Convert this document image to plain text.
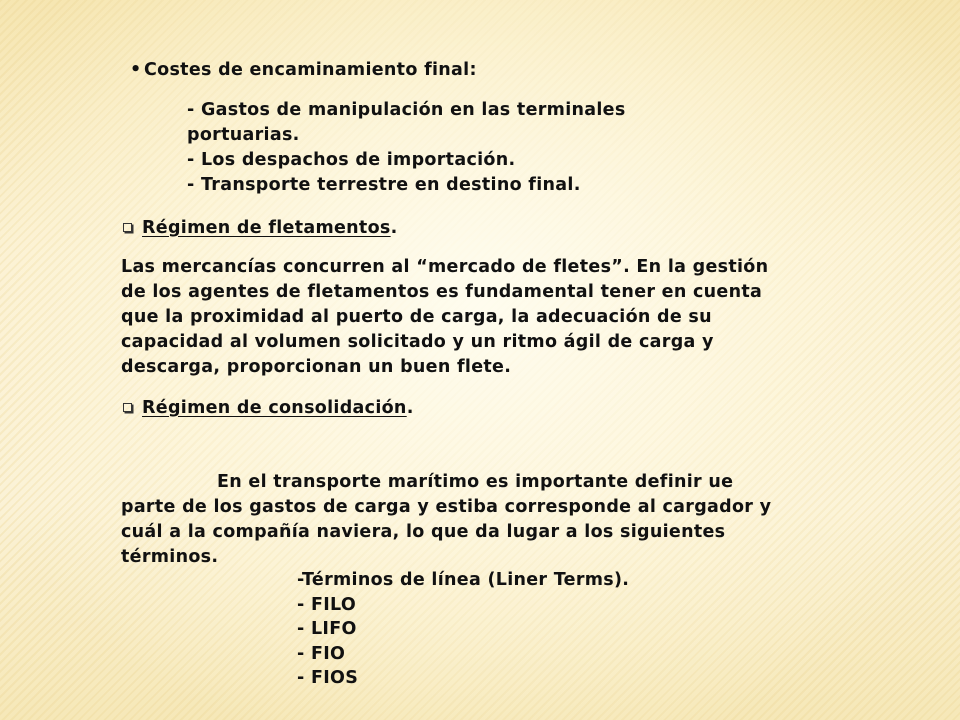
• Costes de encaminamiento final:
- Gastos de manipulación en las terminales
portuarias.
- Los despachos de importación.
- Transporte terrestre en destino final.
Régimen de fletamentos.
Las mercancías concurren al “mercado de fletes”. En la gestión
de los agentes de fletamentos es fundamental tener en cuenta
que la proximidad al puerto de carga, la adecuación de su
capacidad al volumen solicitado y un ritmo ágil de carga y
descarga, proporcionan un buen flete.
Régimen de consolidación.
En el transporte marítimo es importante definir ue
parte de los gastos de carga y estiba corresponde al cargador y
cuál a la compañía naviera, lo que da lugar a los siguientes
términos.
-Términos de línea (Liner Terms).
- FILO
- LIFO
- FIO
- FIOS
